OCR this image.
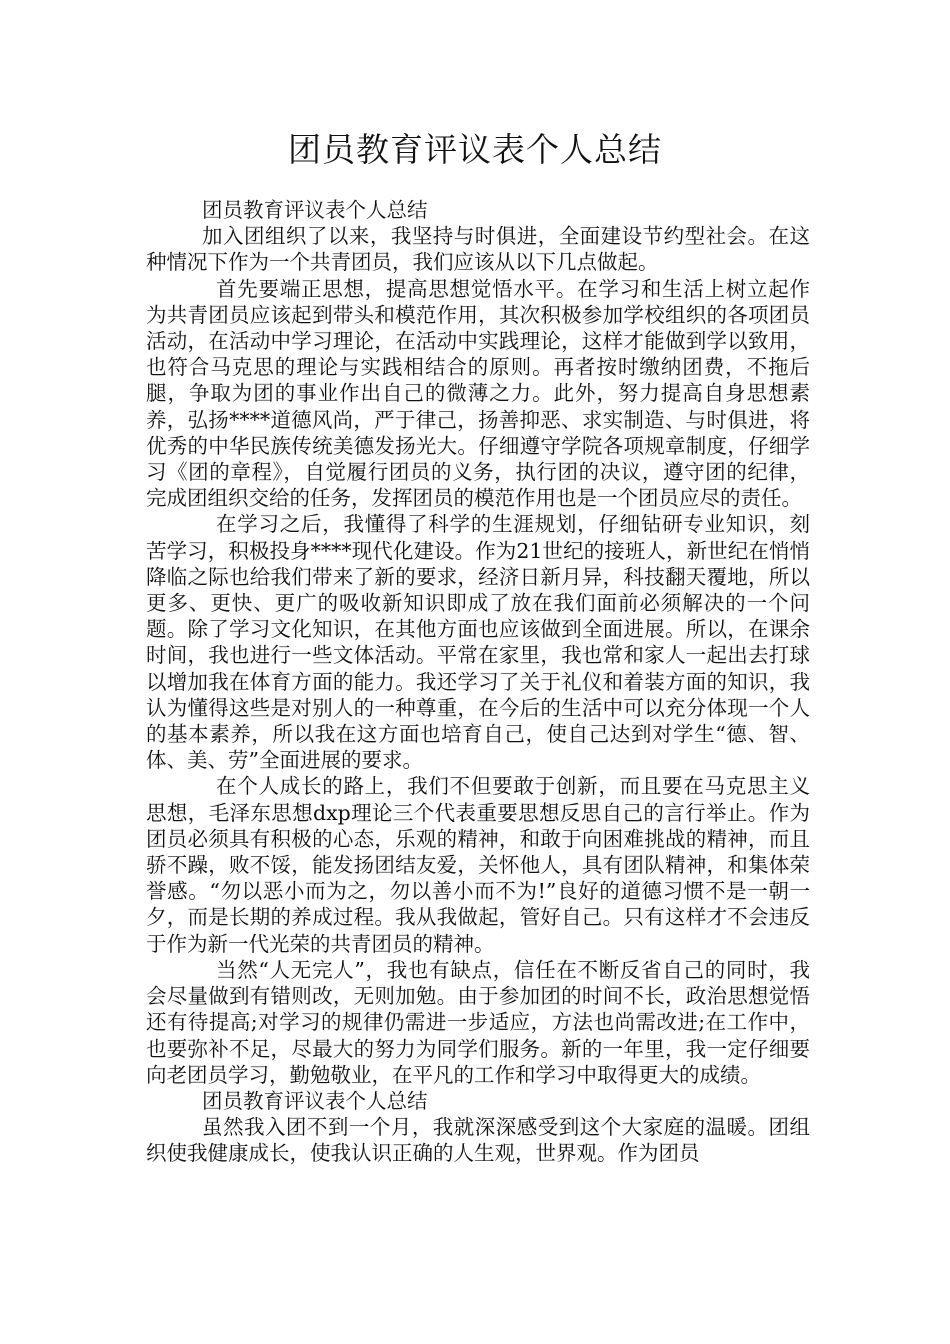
团员教育评议表个人总结

团员教育评议表个人总结

加入团组织了以来，我坚持与时俱进，全面建设节约型社会。在这种情况下作为一个共青团员，我们应该从以下几点做起。

首先要端正思想，提高思想觉悟水平。在学习和生活上树立起作为共青团员应该起到带头和模范作用，其次积极参加学校组织的各项团员活动，在活动中学习理论，在活动中实践理论，这样才能做到学以致用，也符合马克思的理论与实践相结合的原则。再者按时缴纳团费，不拖后腿，争取为团的事业作出自己的微薄之力。此外，努力提高自身思想素养，弘扬****道德风尚，严于律己，扬善抑恶、求实制造、与时俱进，将优秀的中华民族传统美德发扬光大。仔细遵守学院各项规章制度，仔细学习《团的章程》，自觉履行团员的义务，执行团的决议，遵守团的纪律，完成团组织交给的任务，发挥团员的模范作用也是一个团员应尽的责任。

在学习之后，我懂得了科学的生涯规划，仔细钻研专业知识，刻苦学习，积极投身****现代化建设。作为21世纪的接班人，新世纪在悄悄降临之际也给我们带来了新的要求，经济日新月异，科技翻天覆地，所以更多、更快、更广的吸收新知识即成了放在我们面前必须解决的一个问题。除了学习文化知识，在其他方面也应该做到全面进展。所以，在课余时间，我也进行一些文体活动。平常在家里，我也常和家人一起出去打球以增加我在体育方面的能力。我还学习了关于礼仪和着装方面的知识，我认为懂得这些是对别人的一种尊重，在今后的生活中可以充分体现一个人的基本素养，所以我在这方面也培育自己，使自己达到对学生“德、智、体、美、劳”全面进展的要求。

在个人成长的路上，我们不但要敢于创新，而且要在马克思主义思想，毛泽东思想dxp理论三个代表重要思想反思自己的言行举止。作为团员必须具有积极的心态，乐观的精神，和敢于向困难挑战的精神，而且骄不躁，败不馁，能发扬团结友爱，关怀他人，具有团队精神，和集体荣誉感。“勿以恶小而为之，勿以善小而不为!”良好的道德习惯不是一朝一夕，而是长期的养成过程。我从我做起，管好自己。只有这样才不会违反于作为新一代光荣的共青团员的精神。

当然“人无完人”，我也有缺点，信任在不断反省自己的同时，我会尽量做到有错则改，无则加勉。由于参加团的时间不长，政治思想觉悟还有待提高;对学习的规律仍需进一步适应，方法也尚需改进;在工作中，也要弥补不足，尽最大的努力为同学们服务。新的一年里，我一定仔细要向老团员学习，勤勉敬业，在平凡的工作和学习中取得更大的成绩。

团员教育评议表个人总结

虽然我入团不到一个月，我就深深感受到这个大家庭的温暖。团组织使我健康成长，使我认识正确的人生观，世界观。作为团员
